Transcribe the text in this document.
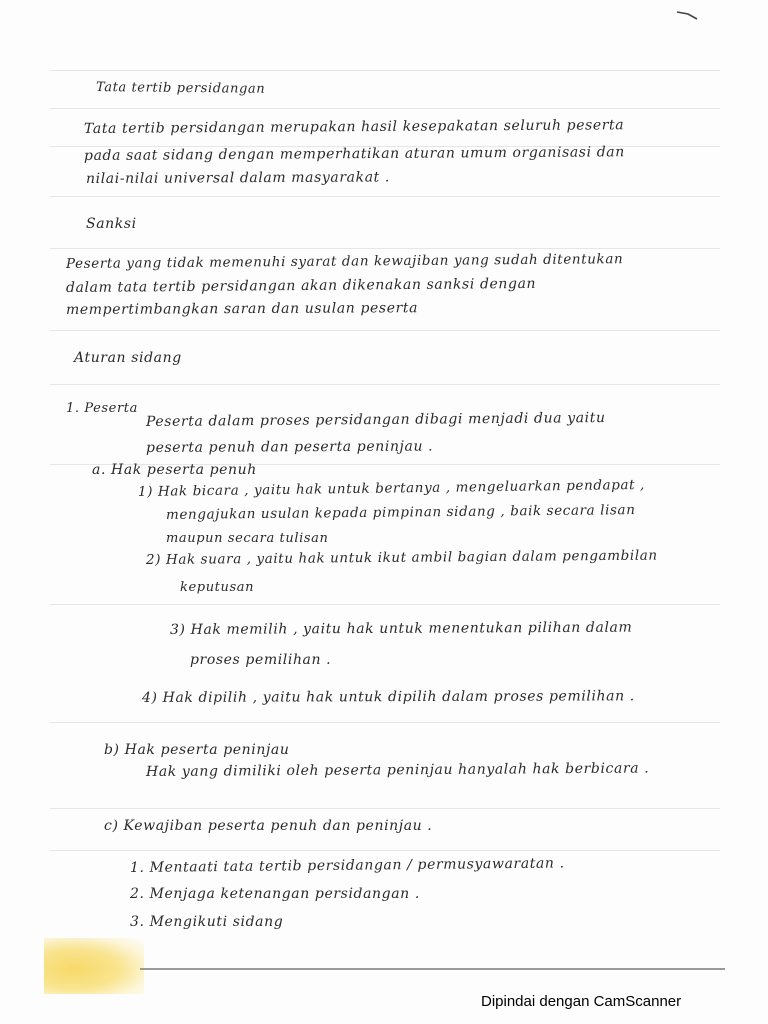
Tata tertib persidangan
Tata tertib persidangan merupakan hasil kesepakatan seluruh peserta
pada saat sidang dengan memperhatikan aturan umum organisasi dan
nilai-nilai universal dalam masyarakat .
Sanksi
Peserta yang tidak memenuhi syarat dan kewajiban yang sudah ditentukan
dalam tata tertib persidangan akan dikenakan sanksi dengan
mempertimbangkan saran dan usulan peserta
Aturan sidang
1. Peserta
Peserta dalam proses persidangan dibagi menjadi dua yaitu
peserta penuh dan peserta peninjau .
a. Hak peserta penuh
1) Hak bicara , yaitu hak untuk bertanya , mengeluarkan pendapat ,
mengajukan usulan kepada pimpinan sidang , baik secara lisan
maupun secara tulisan
2) Hak suara , yaitu hak untuk ikut ambil bagian dalam pengambilan
keputusan
3) Hak memilih , yaitu hak untuk menentukan pilihan dalam
proses pemilihan .
4) Hak dipilih , yaitu hak untuk dipilih dalam proses pemilihan .
b) Hak peserta peninjau
Hak yang dimiliki oleh peserta peninjau hanyalah hak berbicara .
c) Kewajiban peserta penuh dan peninjau .
1. Mentaati tata tertib persidangan / permusyawaratan .
2. Menjaga ketenangan persidangan .
3. Mengikuti sidang
Dipindai dengan CamScanner
